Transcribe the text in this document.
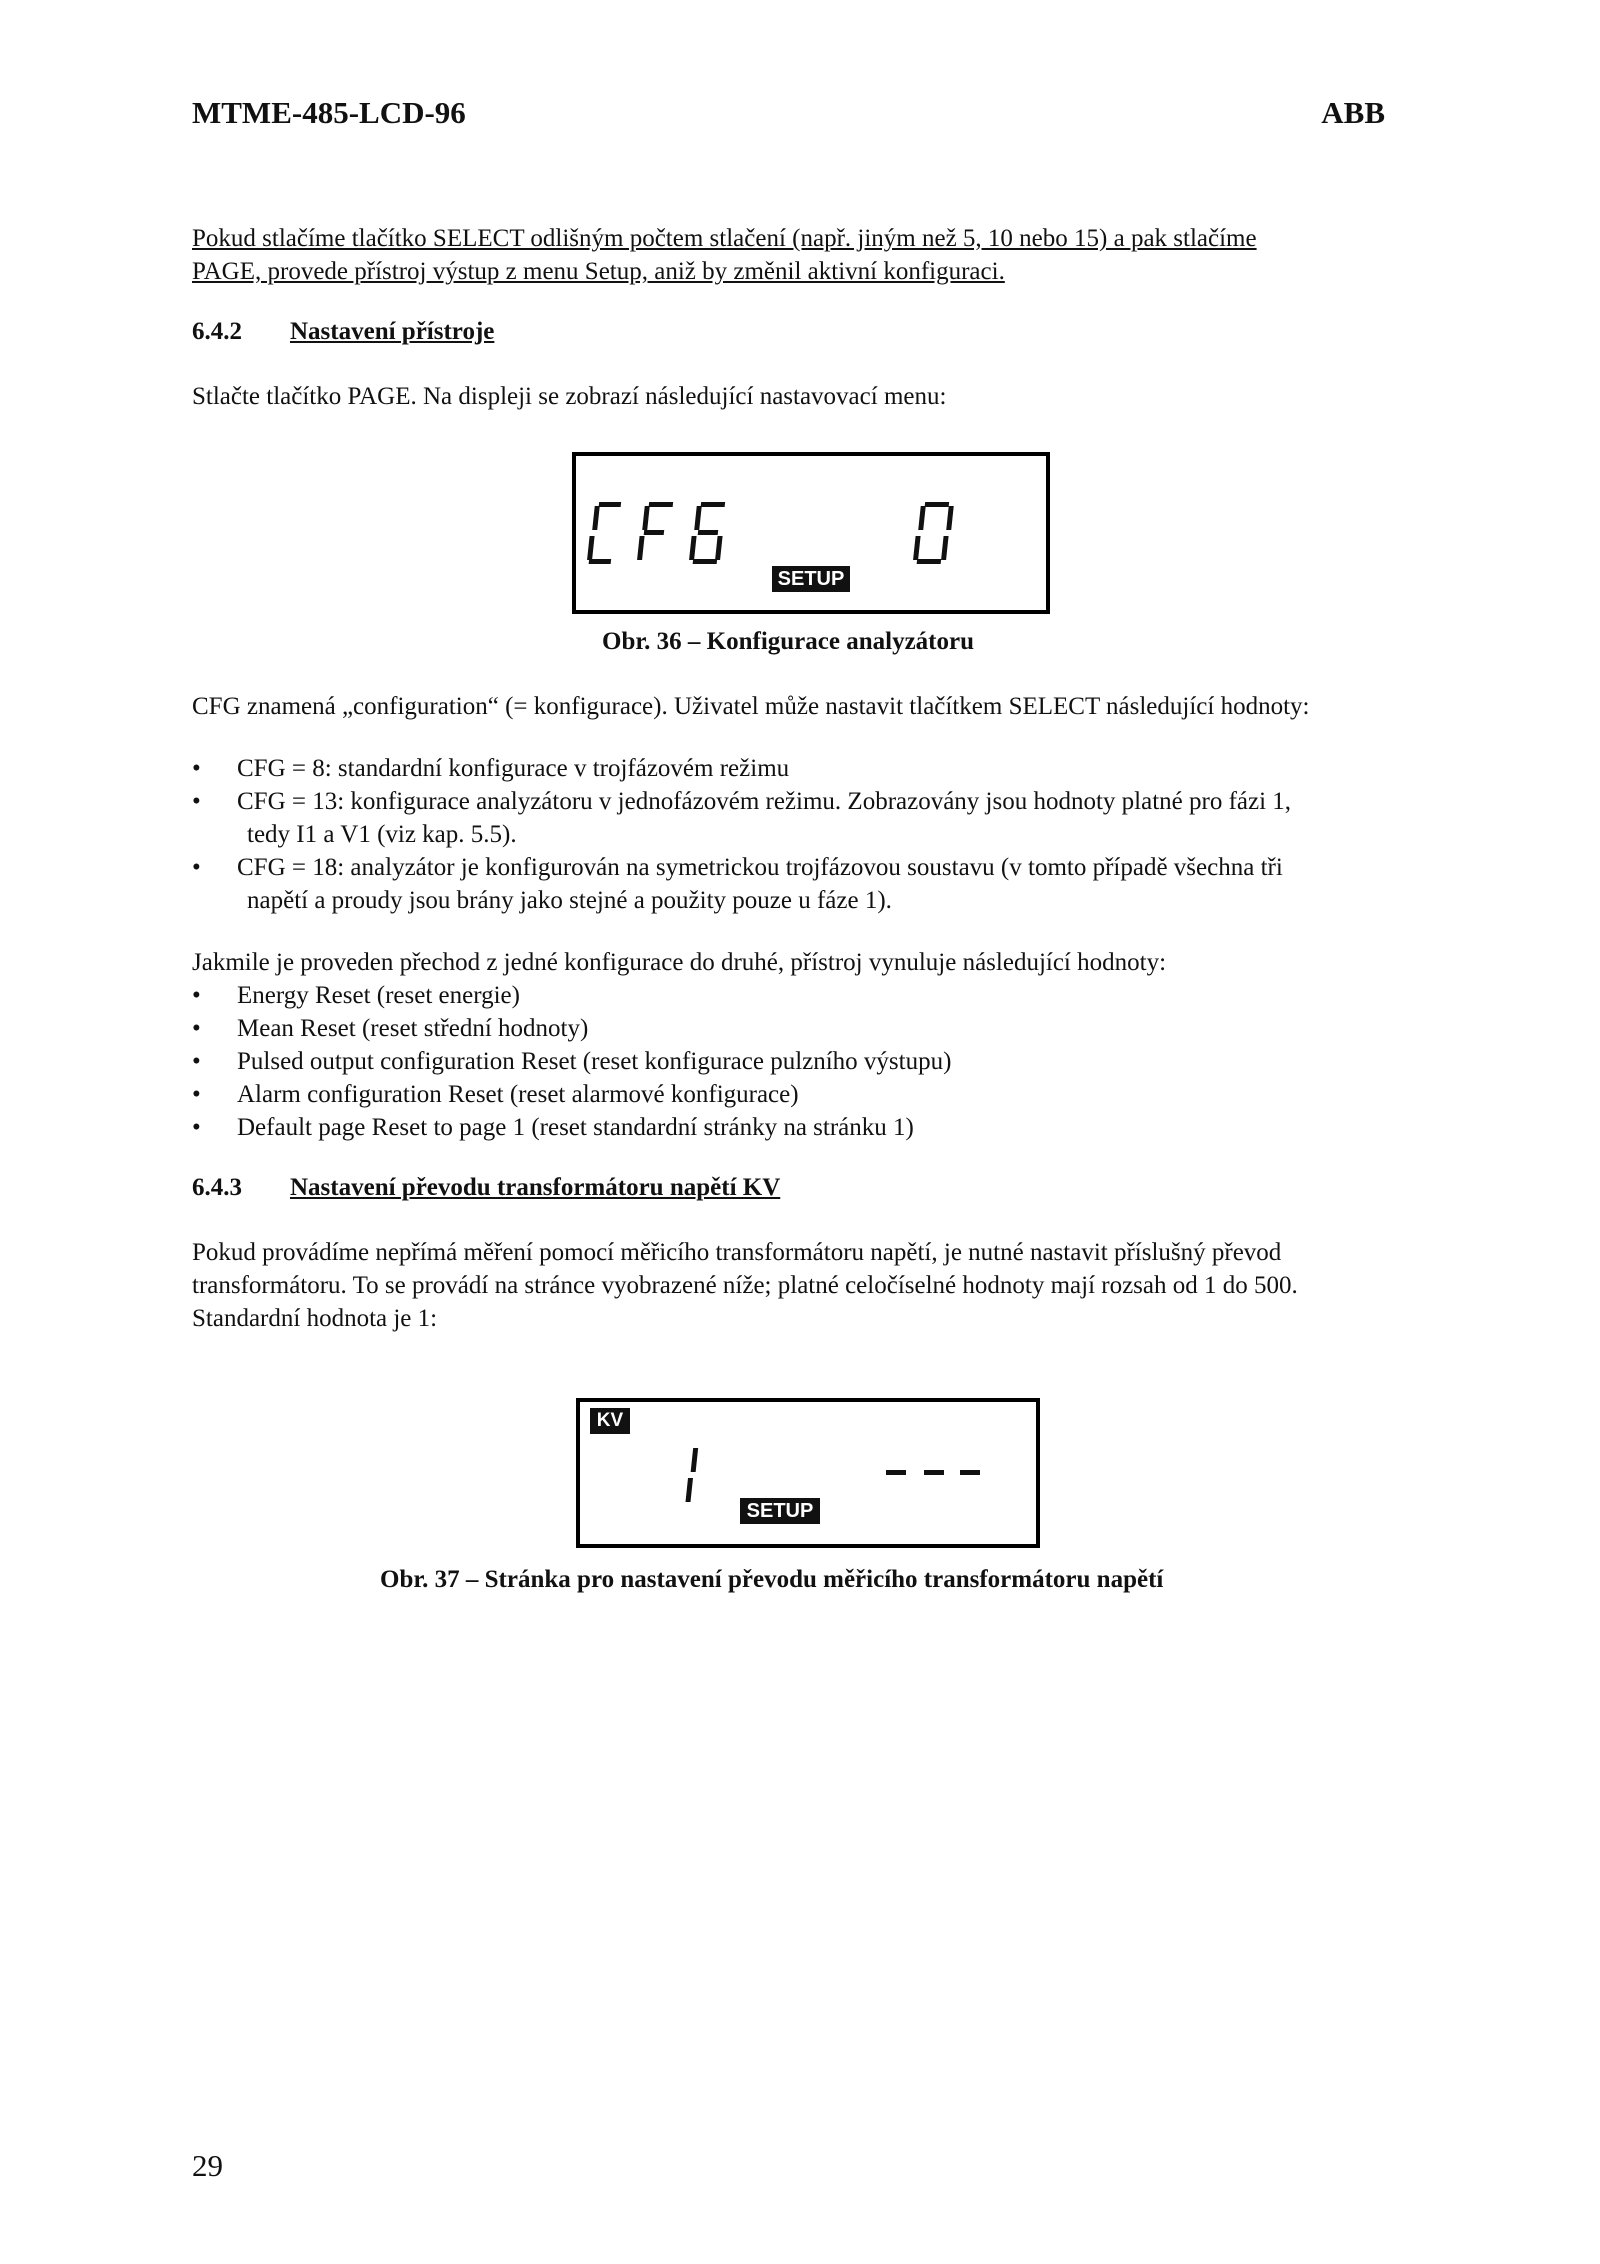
MTME-485-LCD-96	ABB
Pokud stlačíme tlačítko SELECT odlišným počtem stlačení (např. jiným než 5, 10 nebo 15) a pak stlačíme
PAGE, provede přístroj výstup z menu Setup, aniž by změnil aktivní konfiguraci.
6.4.2 Nastavení přístroje
Stlačte tlačítko PAGE. Na displeji se zobrazí následující nastavovací menu:
SETUP
Obr. 36 – Konfigurace analyzátoru
CFG znamená „configuration“ (= konfigurace). Uživatel může nastavit tlačítkem SELECT následující hodnoty:
• CFG = 8: standardní konfigurace v trojfázovém režimu
• CFG = 13: konfigurace analyzátoru v jednofázovém režimu. Zobrazovány jsou hodnoty platné pro fázi 1,
tedy I1 a V1 (viz kap. 5.5).
• CFG = 18: analyzátor je konfigurován na symetrickou trojfázovou soustavu (v tomto případě všechna tři
napětí a proudy jsou brány jako stejné a použity pouze u fáze 1).
Jakmile je proveden přechod z jedné konfigurace do druhé, přístroj vynuluje následující hodnoty:
• Energy Reset (reset energie)
• Mean Reset (reset střední hodnoty)
• Pulsed output configuration Reset (reset konfigurace pulzního výstupu)
• Alarm configuration Reset (reset alarmové konfigurace)
• Default page Reset to page 1 (reset standardní stránky na stránku 1)
6.4.3 Nastavení převodu transformátoru napětí KV
Pokud provádíme nepřímá měření pomocí měřicího transformátoru napětí, je nutné nastavit příslušný převod
transformátoru. To se provádí na stránce vyobrazené níže; platné celočíselné hodnoty mají rozsah od 1 do 500.
Standardní hodnota je 1:
KV
SETUP
Obr. 37 – Stránka pro nastavení převodu měřicího transformátoru napětí
29
